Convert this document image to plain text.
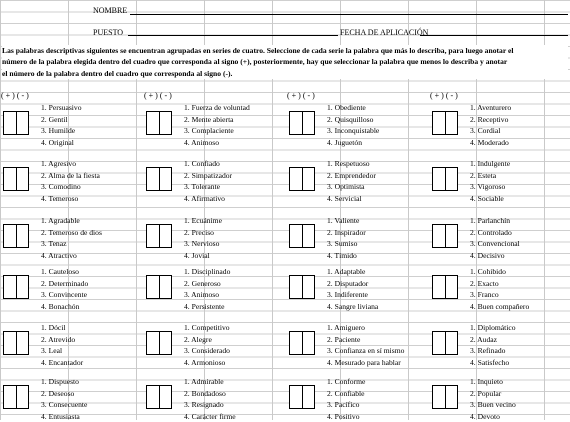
NOMBRE
PUESTO	FECHA DE APLICACIÓN
Las palabras descriptivas siguientes se encuentran agrupadas en series de cuatro. Seleccione de cada serie la palabra que más lo describa, para luego anotar el
número de la palabra elegida dentro del cuadro que corresponda al signo (+), posteriormente, hay que seleccionar la palabra que menos lo describa y anotar
el número de la palabra dentro del cuadro que corresponda al signo (-).
( + ) ( - )
1. Persuasivo
2. Gentil
3. Humilde
4. Original
( + ) ( - )
1. Fuerza de voluntad
2. Mente abierta
3. Complaciente
4. Animoso
( + ) ( - )
1. Obediente
2. Quisquilloso
3. Inconquistable
4. Juguetón
( + ) ( - )
1. Aventurero
2. Receptivo
3. Cordial
4. Moderado
1. Agresivo
2. Alma de la fiesta
3. Comodino
4. Temeroso
1. Confiado
2. Simpatizador
3. Tolerante
4. Afirmativo
1. Respetuoso
2. Emprendedor
3. Optimista
4. Servicial
1. Indulgente
2. Esteta
3. Vigoroso
4. Sociable
1. Agradable
2. Temeroso de dios
3. Tenaz
4. Atractivo
1. Ecuánime
2. Preciso
3. Nervioso
4. Jovial
1. Valiente
2. Inspirador
3. Sumiso
4. Tímido
1. Parlanchín
2. Controlado
3. Convencional
4. Decisivo
1. Cauteloso
2. Determinado
3. Convincente
4. Bonachón
1. Disciplinado
2. Generoso
3. Animoso
4. Persistente
1. Adaptable
2. Disputador
3. Indiferente
4. Sangre liviana
1. Cohibido
2. Exacto
3. Franco
4. Buen compañero
1. Dócil
2. Atrevido
3. Leal
4. Encantador
1. Competitivo
2. Alegre
3. Considerado
4. Armonioso
1. Amiguero
2. Paciente
3. Confianza en sí mismo
4. Mesurado para hablar
1. Diplomático
2. Audaz
3. Refinado
4. Satisfecho
1. Dispuesto
2. Deseoso
3. Consecuente
4. Entusiasta
1. Admirable
2. Bondadoso
3. Resignado
4. Carácter firme
1. Conforme
2. Confiable
3. Pacífico
4. Positivo
1. Inquieto
2. Popular
3. Buen vecino
4. Devoto
